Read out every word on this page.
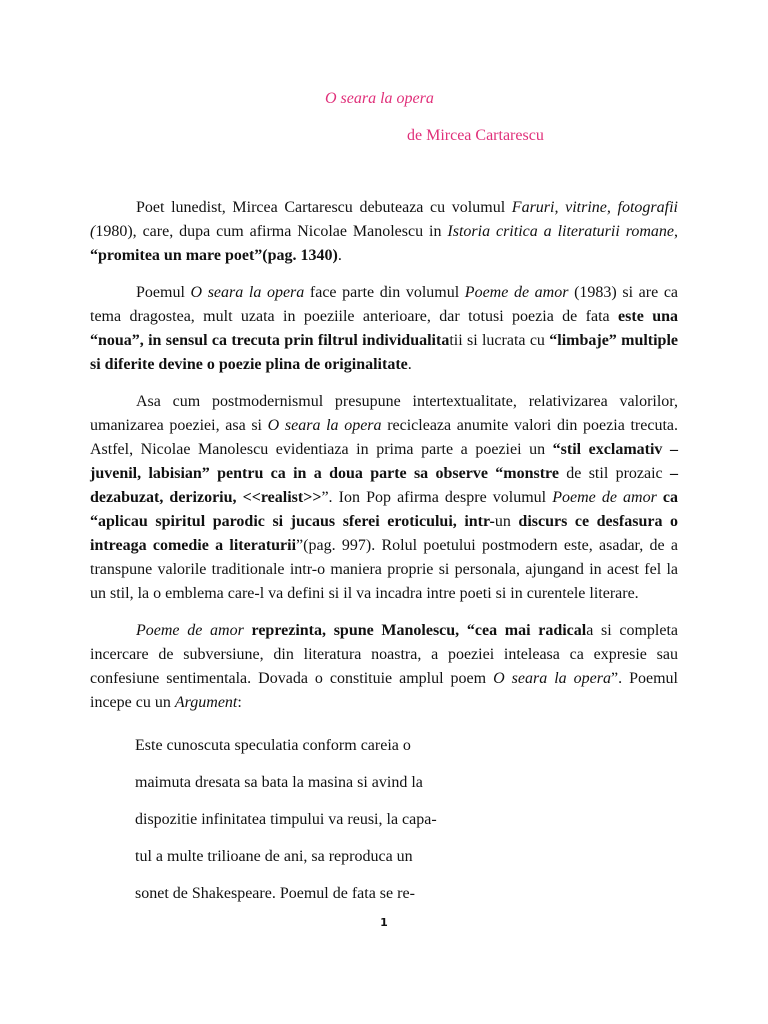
O seara la opera
de Mircea Cartarescu

Poet lunedist, Mircea Cartarescu debuteaza cu volumul Faruri, vitrine, fotografii (1980), care, dupa cum afirma Nicolae Manolescu in Istoria critica a literaturii romane, “promitea un mare poet”(pag. 1340).

Poemul O seara la opera face parte din volumul Poeme de amor (1983) si are ca tema dragostea, mult uzata in poeziile anterioare, dar totusi poezia de fata este una “noua”, in sensul ca trecuta prin filtrul individualitatii si lucrata cu “limbaje” multiple si diferite devine o poezie plina de originalitate.

Asa cum postmodernismul presupune intertextualitate, relativizarea valorilor, umanizarea poeziei, asa si O seara la opera recicleaza anumite valori din poezia trecuta. Astfel, Nicolae Manolescu evidentiaza in prima parte a poeziei un “stil exclamativ – juvenil, labisian” pentru ca in a doua parte sa observe “monstre de stil prozaic – dezabuzat, derizoriu, <<realist>>”. Ion Pop afirma despre volumul Poeme de amor ca “aplicau spiritul parodic si jucaus sferei eroticului, intr-un discurs ce desfasura o intreaga comedie a literaturii”(pag. 997). Rolul poetului postmodern este, asadar, de a transpune valorile traditionale intr-o maniera proprie si personala, ajungand in acest fel la un stil, la o emblema care-l va defini si il va incadra intre poeti si in curentele literare.

Poeme de amor reprezinta, spune Manolescu, “cea mai radicala si completa incercare de subversiune, din literatura noastra, a poeziei inteleasa ca expresie sau confesiune sentimentala. Dovada o constituie amplul poem O seara la opera”. Poemul incepe cu un Argument:

Este cunoscuta speculatia conform careia o
maimuta dresata sa bata la masina si avind la
dispozitie infinitatea timpului va reusi, la capa-
tul a multe trilioane de ani, sa reproduca un
sonet de Shakespeare. Poemul de fata se re-
1
